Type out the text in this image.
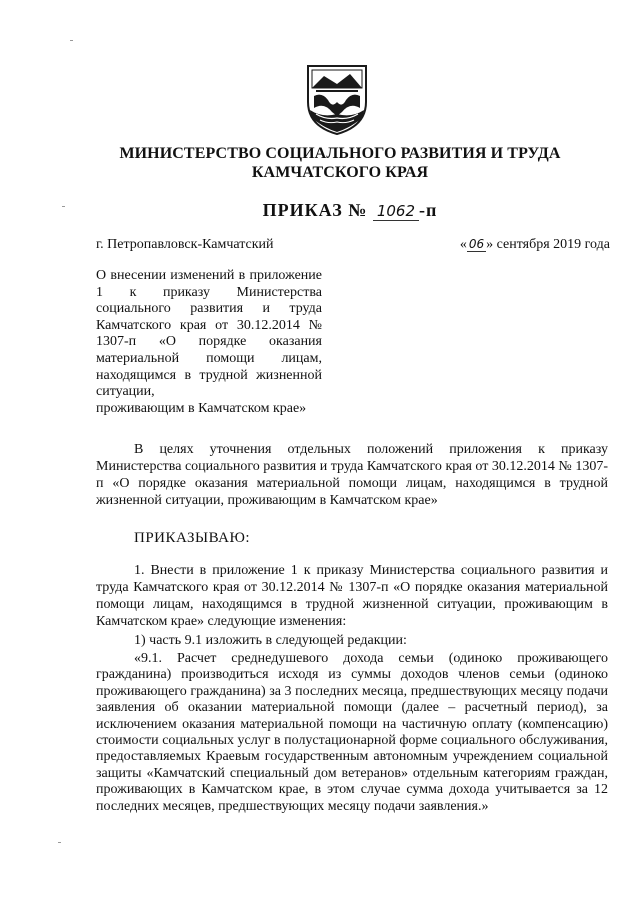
МИНИСТЕРСТВО СОЦИАЛЬНОГО РАЗВИТИЯ И ТРУДА
КАМЧАТСКОГО КРАЯ
ПРИКАЗ № 1062 -п
г. Петропавловск-Камчатский	« 06 » сентября 2019 года
О внесении изменений в приложение 1 к приказу Министерства социального развития и труда Камчатского края от 30.12.2014 № 1307-п «О порядке оказания материальной помощи лицам, находящимся в трудной жизненной ситуации,
проживающим в Камчатском крае»
В целях уточнения отдельных положений приложения к приказу Министерства социального развития и труда Камчатского края от 30.12.2014 № 1307-п «О порядке оказания материальной помощи лицам, находящимся в трудной жизненной ситуации, проживающим в Камчатском крае»
ПРИКАЗЫВАЮ:
1. Внести в приложение 1 к приказу Министерства социального развития и труда Камчатского края от 30.12.2014 № 1307-п «О порядке оказания материальной помощи лицам, находящимся в трудной жизненной ситуации, проживающим в Камчатском крае» следующие изменения:
1) часть 9.1 изложить в следующей редакции:
«9.1. Расчет среднедушевого дохода семьи (одиноко проживающего гражданина) производиться исходя из суммы доходов членов семьи (одиноко проживающего гражданина) за 3 последних месяца, предшествующих месяцу подачи заявления об оказании материальной помощи (далее – расчетный период), за исключением оказания материальной помощи на частичную оплату (компенсацию) стоимости социальных услуг в полустационарной форме социального обслуживания, предоставляемых Краевым государственным автономным учреждением социальной защиты «Камчатский специальный дом ветеранов» отдельным категориям граждан, проживающих в Камчатском крае, в этом случае сумма дохода учитывается за 12 последних месяцев, предшествующих месяцу подачи заявления.»
